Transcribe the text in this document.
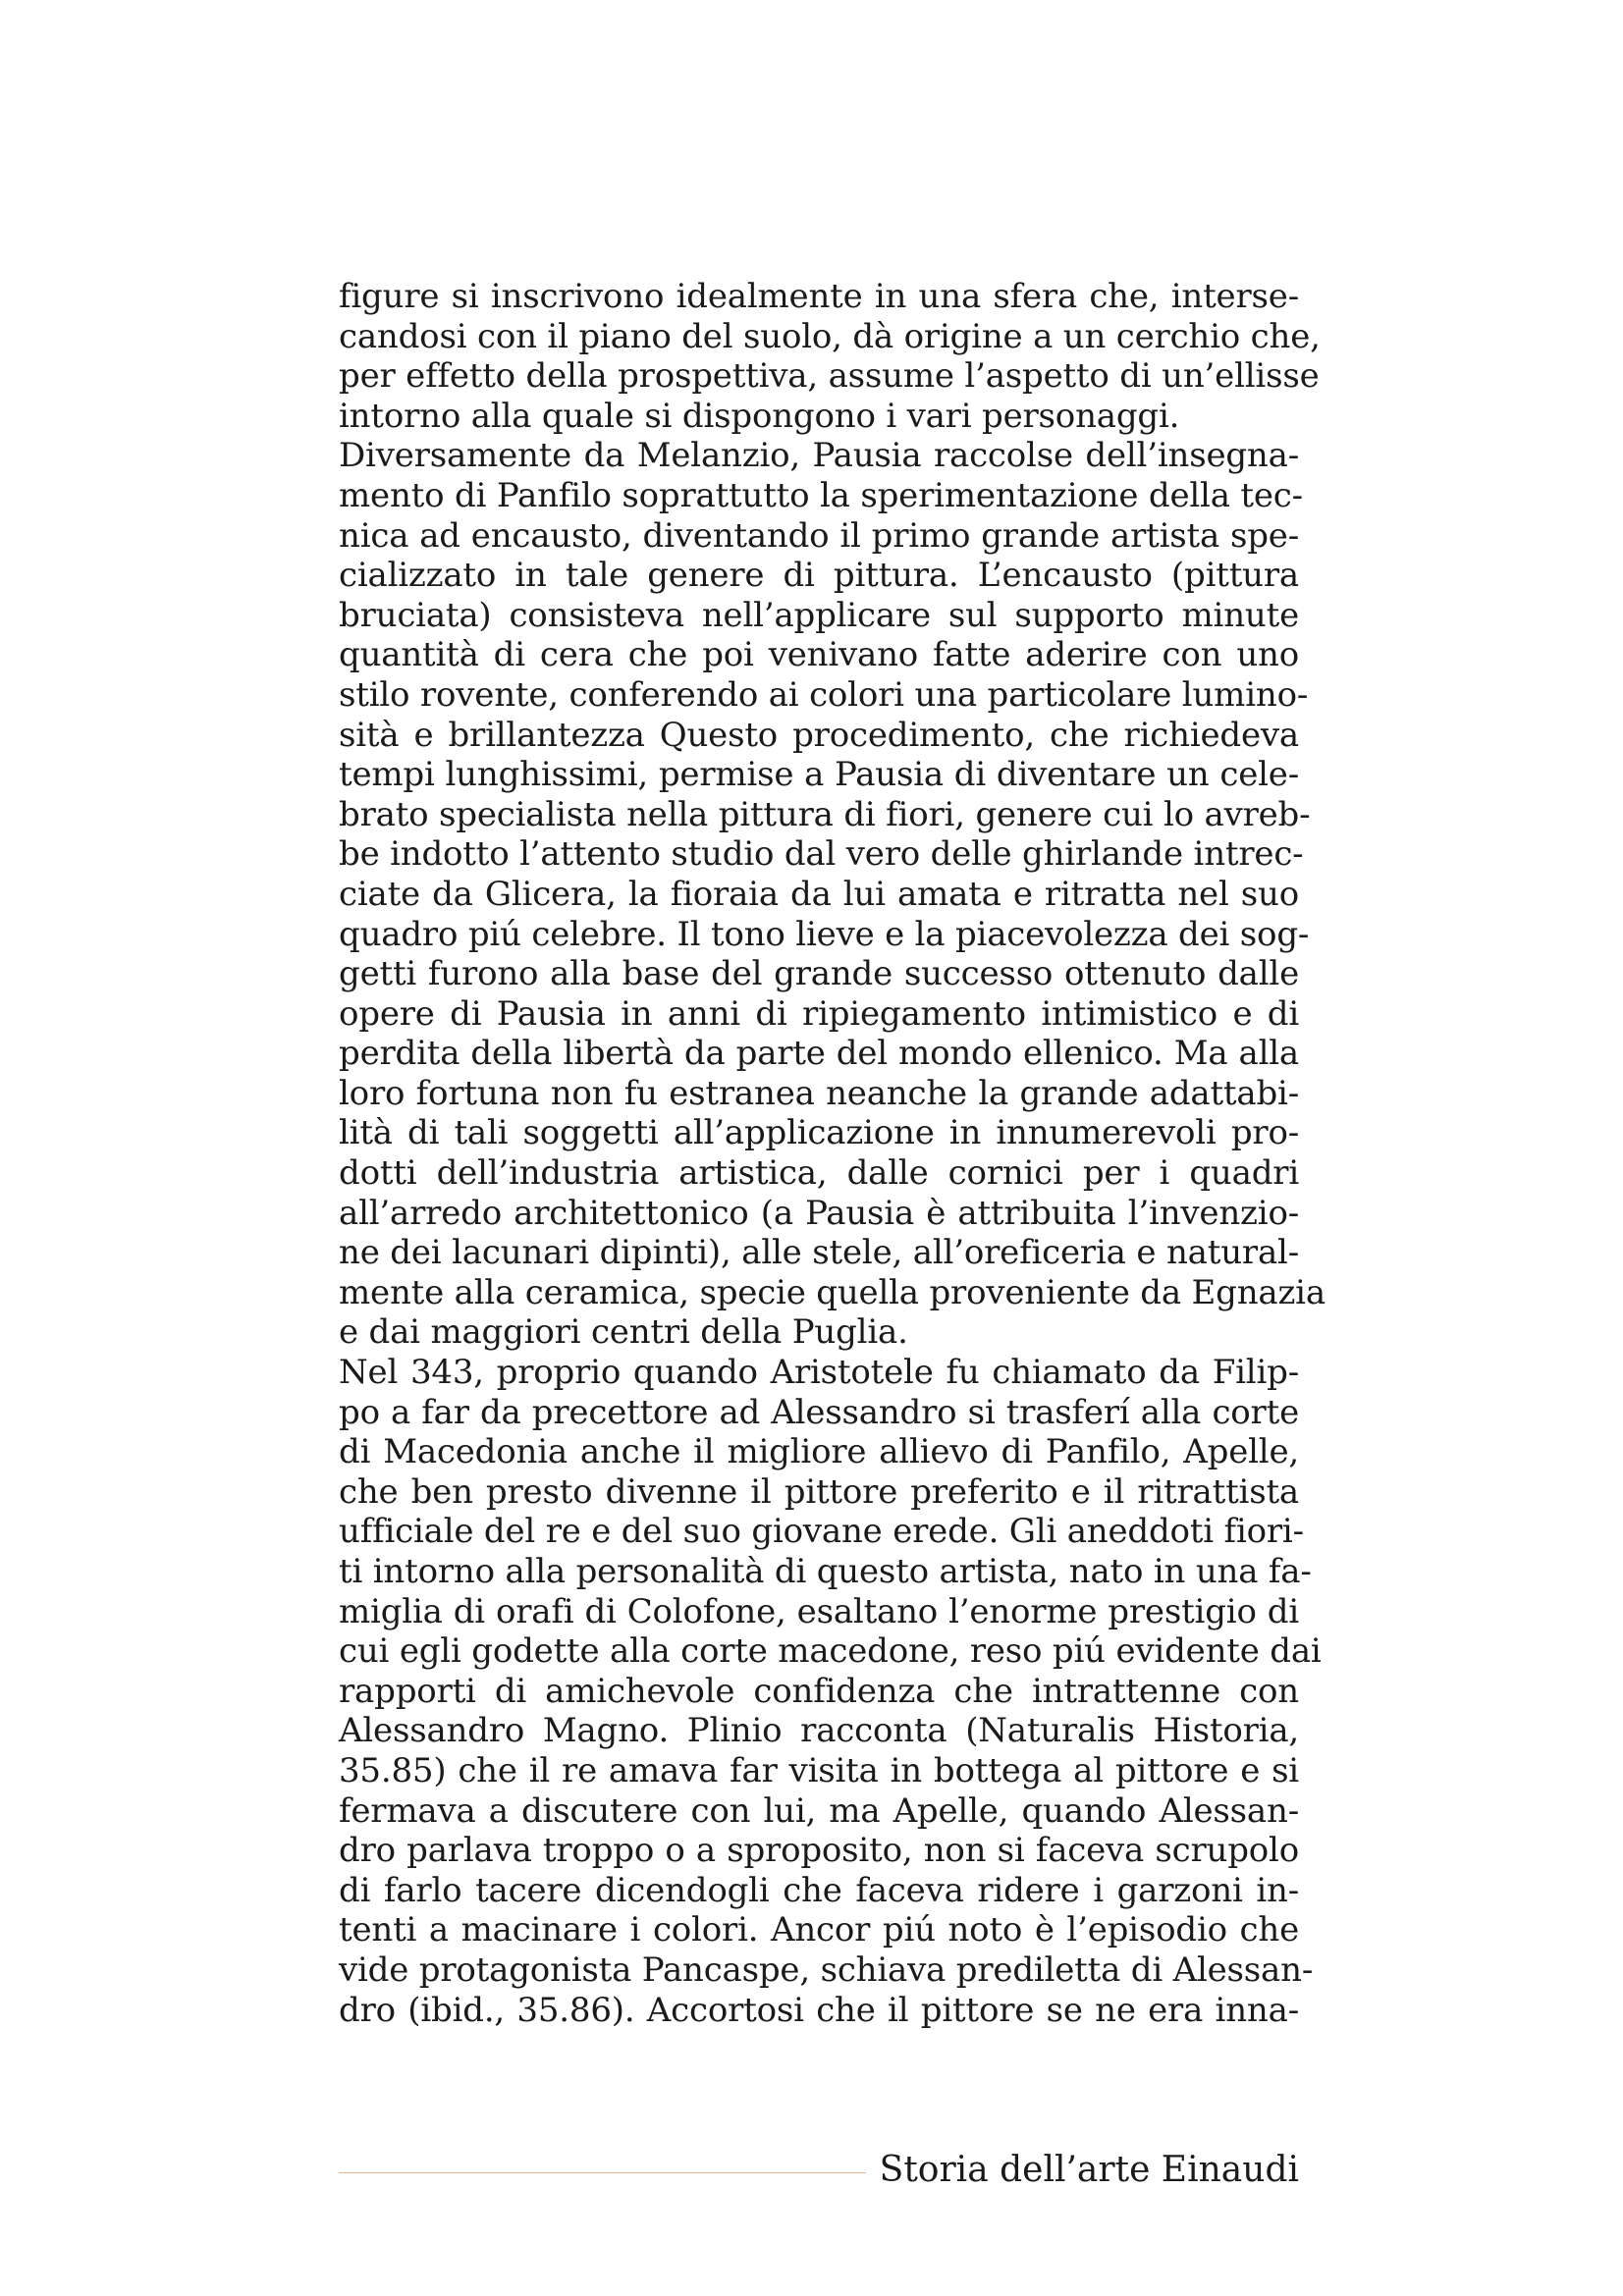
figure si inscrivono idealmente in una sfera che, interse-
candosi con il piano del suolo, dà origine a un cerchio che,
per effetto della prospettiva, assume l’aspetto di un’ellisse
intorno alla quale si dispongono i vari personaggi.
Diversamente da Melanzio, Pausia raccolse dell’insegna-
mento di Panfilo soprattutto la sperimentazione della tec-
nica ad encausto, diventando il primo grande artista spe-
cializzato in tale genere di pittura. L’encausto (pittura
bruciata) consisteva nell’applicare sul supporto minute
quantità di cera che poi venivano fatte aderire con uno
stilo rovente, conferendo ai colori una particolare lumino-
sità e brillantezza Questo procedimento, che richiedeva
tempi lunghissimi, permise a Pausia di diventare un cele-
brato specialista nella pittura di fiori, genere cui lo avreb-
be indotto l’attento studio dal vero delle ghirlande intrec-
ciate da Glicera, la fioraia da lui amata e ritratta nel suo
quadro piú celebre. Il tono lieve e la piacevolezza dei sog-
getti furono alla base del grande successo ottenuto dalle
opere di Pausia in anni di ripiegamento intimistico e di
perdita della libertà da parte del mondo ellenico. Ma alla
loro fortuna non fu estranea neanche la grande adattabi-
lità di tali soggetti all’applicazione in innumerevoli pro-
dotti dell’industria artistica, dalle cornici per i quadri
all’arredo architettonico (a Pausia è attribuita l’invenzio-
ne dei lacunari dipinti), alle stele, all’oreficeria e natural-
mente alla ceramica, specie quella proveniente da Egnazia
e dai maggiori centri della Puglia.
Nel 343, proprio quando Aristotele fu chiamato da Filip-
po a far da precettore ad Alessandro si trasferí alla corte
di Macedonia anche il migliore allievo di Panfilo, Apelle,
che ben presto divenne il pittore preferito e il ritrattista
ufficiale del re e del suo giovane erede. Gli aneddoti fiori-
ti intorno alla personalità di questo artista, nato in una fa-
miglia di orafi di Colofone, esaltano l’enorme prestigio di
cui egli godette alla corte macedone, reso piú evidente dai
rapporti di amichevole confidenza che intrattenne con
Alessandro Magno. Plinio racconta (Naturalis Historia,
35.85) che il re amava far visita in bottega al pittore e si
fermava a discutere con lui, ma Apelle, quando Alessan-
dro parlava troppo o a sproposito, non si faceva scrupolo
di farlo tacere dicendogli che faceva ridere i garzoni in-
tenti a macinare i colori. Ancor piú noto è l’episodio che
vide protagonista Pancaspe, schiava prediletta di Alessan-
dro (ibid., 35.86). Accortosi che il pittore se ne era inna-
Storia dell’arte Einaudi
